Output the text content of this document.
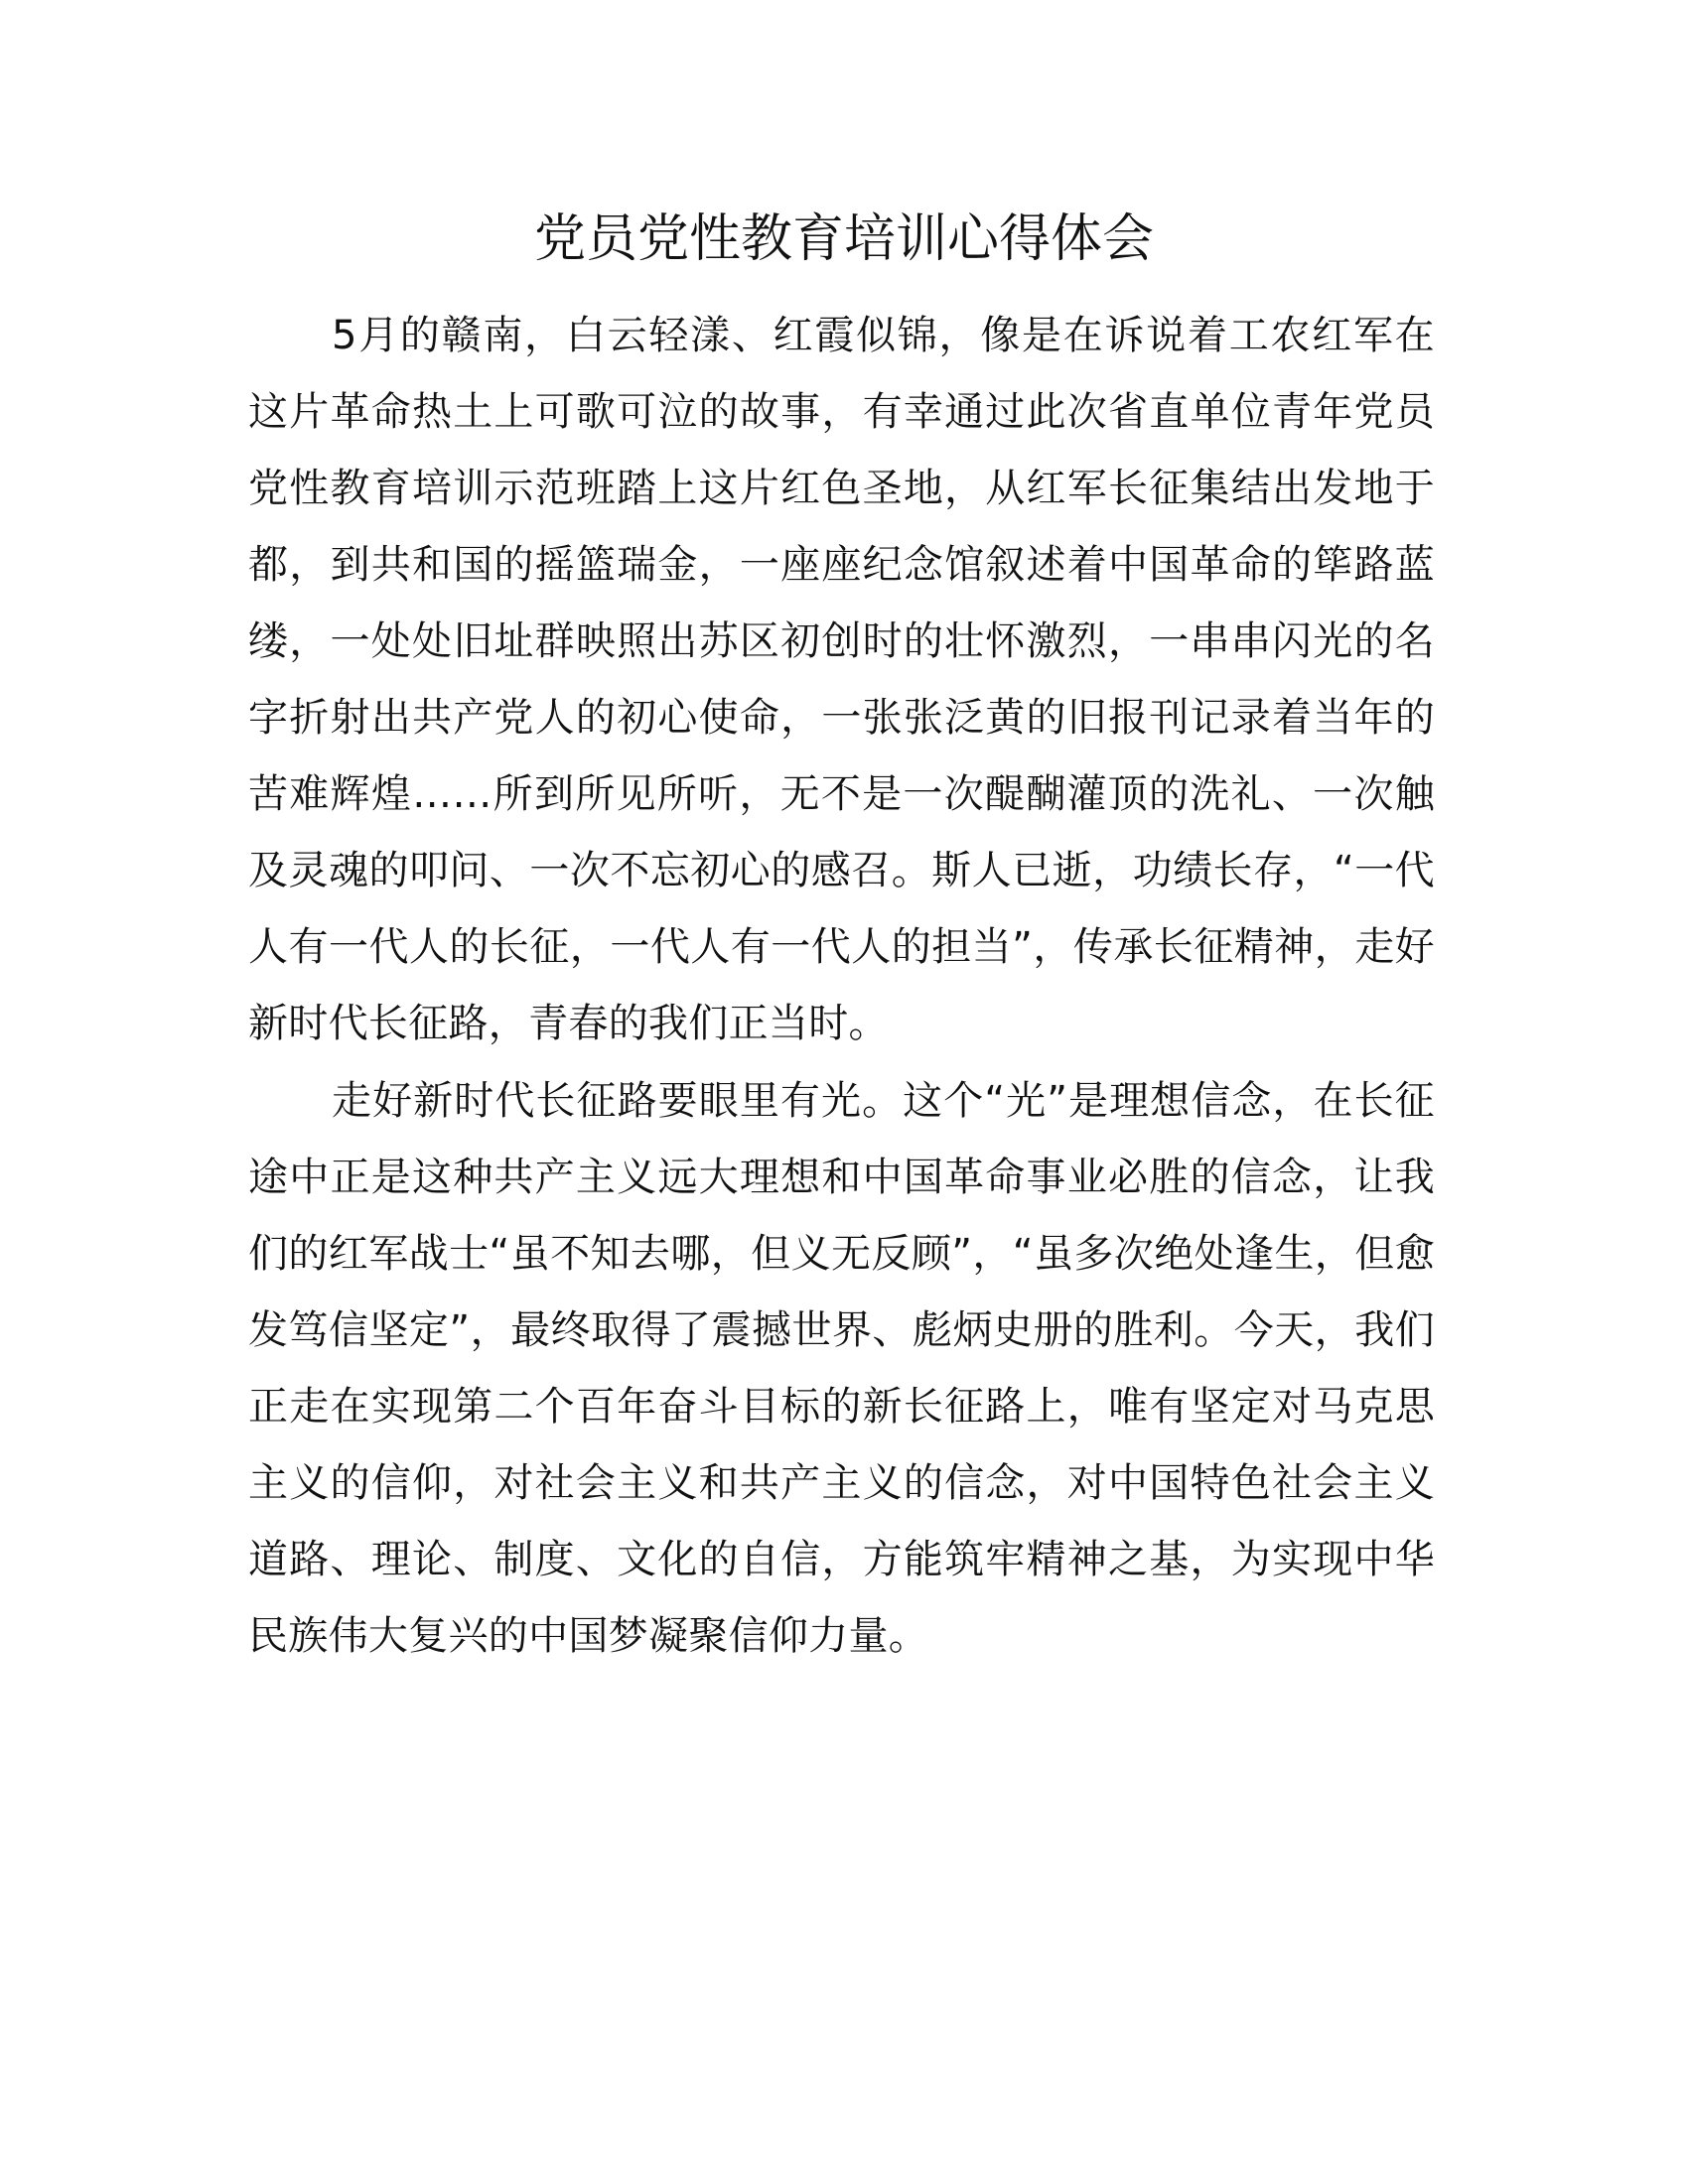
党员党性教育培训心得体会

5月的赣南，白云轻漾、红霞似锦，像是在诉说着工农红军在这片革命热土上可歌可泣的故事，有幸通过此次省直单位青年党员党性教育培训示范班踏上这片红色圣地，从红军长征集结出发地于都，到共和国的摇篮瑞金，一座座纪念馆叙述着中国革命的筚路蓝缕，一处处旧址群映照出苏区初创时的壮怀激烈，一串串闪光的名字折射出共产党人的初心使命，一张张泛黄的旧报刊记录着当年的苦难辉煌……所到所见所听，无不是一次醍醐灌顶的洗礼、一次触及灵魂的叩问、一次不忘初心的感召。斯人已逝，功绩长存，“一代人有一代人的长征，一代人有一代人的担当”，传承长征精神，走好新时代长征路，青春的我们正当时。

走好新时代长征路要眼里有光。这个“光”是理想信念，在长征途中正是这种共产主义远大理想和中国革命事业必胜的信念，让我们的红军战士“虽不知去哪，但义无反顾”，“虽多次绝处逢生，但愈发笃信坚定”，最终取得了震撼世界、彪炳史册的胜利。今天，我们正走在实现第二个百年奋斗目标的新长征路上，唯有坚定对马克思主义的信仰，对社会主义和共产主义的信念，对中国特色社会主义道路、理论、制度、文化的自信，方能筑牢精神之基，为实现中华民族伟大复兴的中国梦凝聚信仰力量。
